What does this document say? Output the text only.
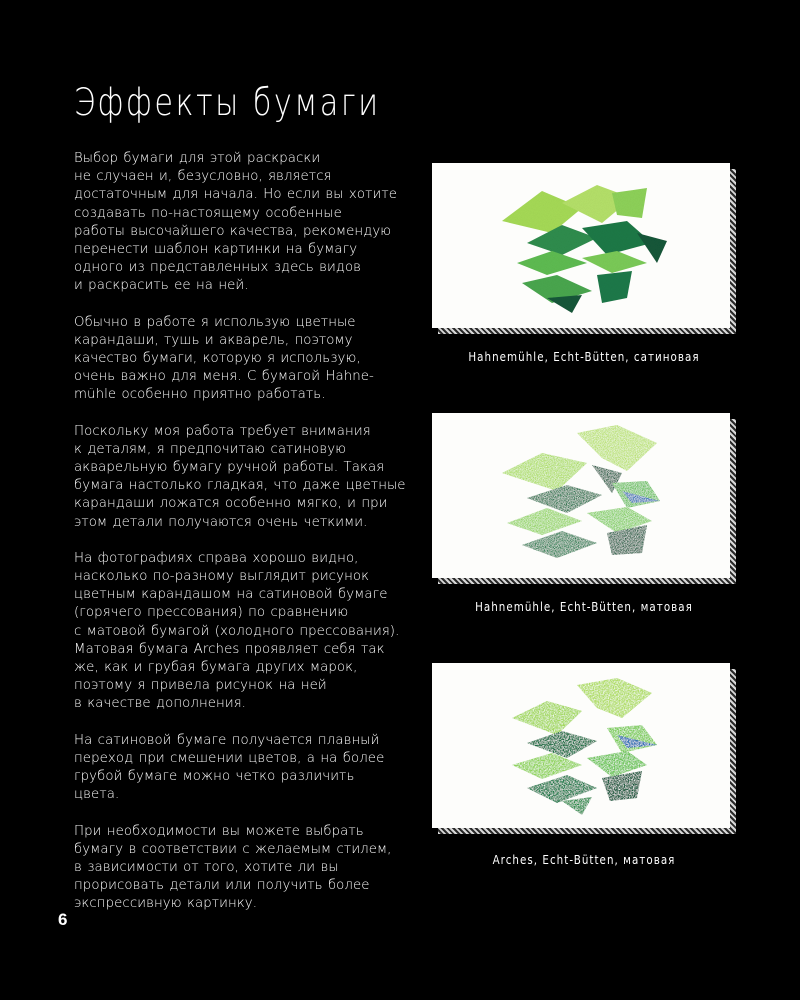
Эффекты бумаги

Выбор бумаги для этой раскраски
не случаен и, безусловно, является
достаточным для начала. Но если вы хотите
создавать по-настоящему особенные
работы высочайшего качества, рекомендую
перенести шаблон картинки на бумагу
одного из представленных здесь видов
и раскрасить ее на ней.

Обычно в работе я использую цветные
карандаши, тушь и акварель, поэтому
качество бумаги, которую я использую,
очень важно для меня. С бумагой Hahne-
mühle особенно приятно работать.

Поскольку моя работа требует внимания
к деталям, я предпочитаю сатиновую
акварельную бумагу ручной работы. Такая
бумага настолько гладкая, что даже цветные
карандаши ложатся особенно мягко, и при
этом детали получаются очень четкими.

На фотографиях справа хорошо видно,
насколько по-разному выглядит рисунок
цветным карандашом на сатиновой бумаге
(горячего прессования) по сравнению
с матовой бумагой (холодного прессования).
Матовая бумага Arches проявляет себя так
же, как и грубая бумага других марок,
поэтому я привела рисунок на ней
в качестве дополнения.

На сатиновой бумаге получается плавный
переход при смешении цветов, а на более
грубой бумаге можно четко различить
цвета.

При необходимости вы можете выбрать
бумагу в соответствии с желаемым стилем,
в зависимости от того, хотите ли вы
прорисовать детали или получить более
экспрессивную картинку.

Hahnemühle, Echt-Bütten, сатиновая
Hahnemühle, Echt-Bütten, матовая
Arches, Echt-Bütten, матовая
6
